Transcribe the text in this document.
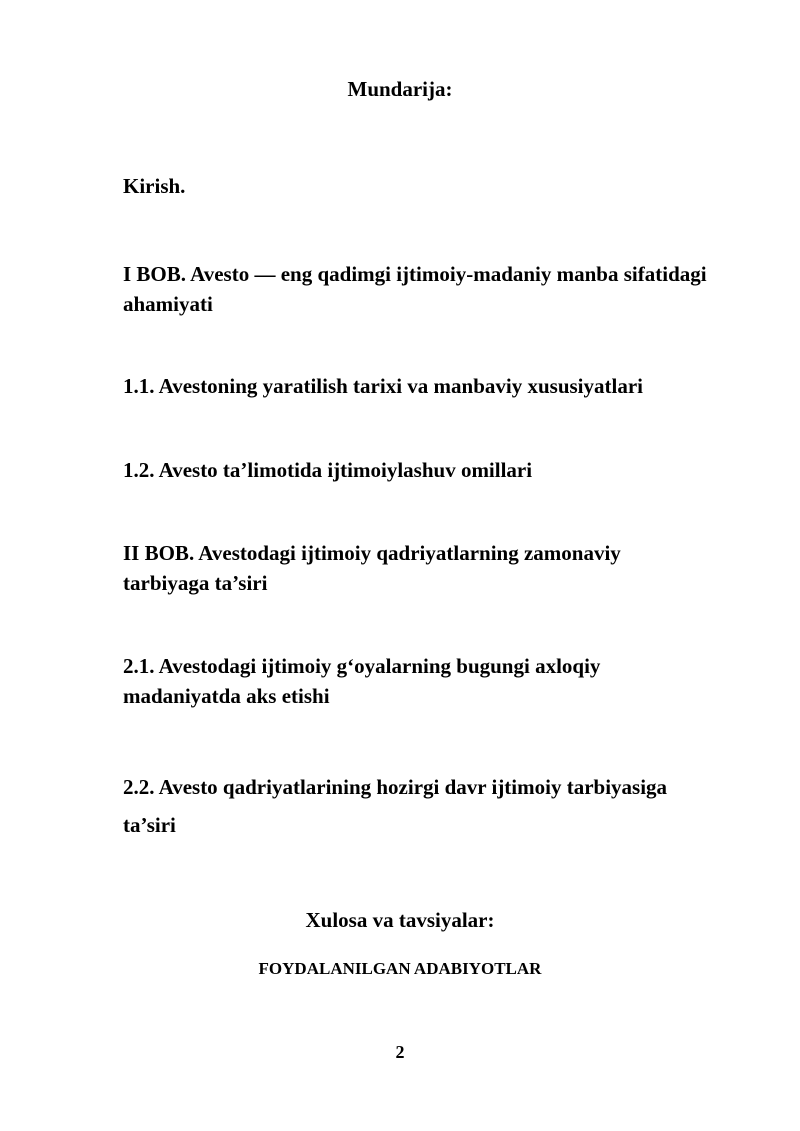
Mundarija:

Kirish.

I BOB. Avesto — eng qadimgi ijtimoiy-madaniy manba sifatidagi

ahamiyati

1.1. Avestoning yaratilish tarixi va manbaviy xususiyatlari

1.2. Avesto ta’limotida ijtimoiylashuv omillari

II BOB. Avestodagi ijtimoiy qadriyatlarning zamonaviy

tarbiyaga ta’siri

2.1. Avestodagi ijtimoiy g‘oyalarning bugungi axloqiy

madaniyatda aks etishi

2.2. Avesto qadriyatlarining hozirgi davr ijtimoiy tarbiyasiga

ta’siri

Xulosa va tavsiyalar:

FOYDALANILGAN ADABIYOTLAR

2
